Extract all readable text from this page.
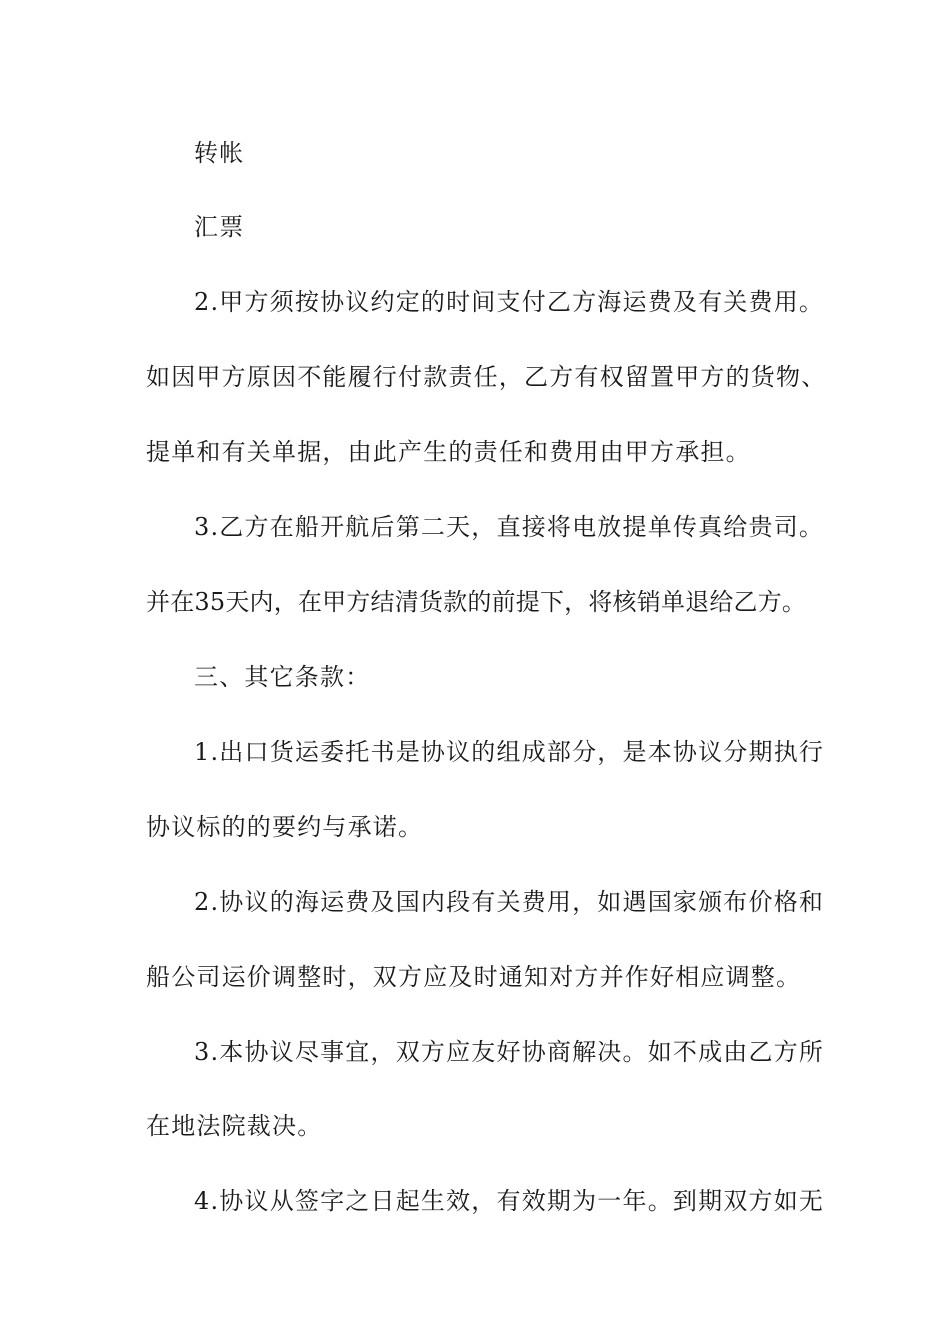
转帐
汇票
2.甲方须按协议约定的时间支付乙方海运费及有关费用。
如因甲方原因不能履行付款责任，乙方有权留置甲方的货物、
提单和有关单据，由此产生的责任和费用由甲方承担。
3.乙方在船开航后第二天，直接将电放提单传真给贵司。
并在35天内，在甲方结清货款的前提下，将核销单退给乙方。
三、其它条款：
1.出口货运委托书是协议的组成部分，是本协议分期执行
协议标的的要约与承诺。
2.协议的海运费及国内段有关费用，如遇国家颁布价格和
船公司运价调整时，双方应及时通知对方并作好相应调整。
3.本协议尽事宜，双方应友好协商解决。如不成由乙方所
在地法院裁决。
4.协议从签字之日起生效，有效期为一年。到期双方如无
